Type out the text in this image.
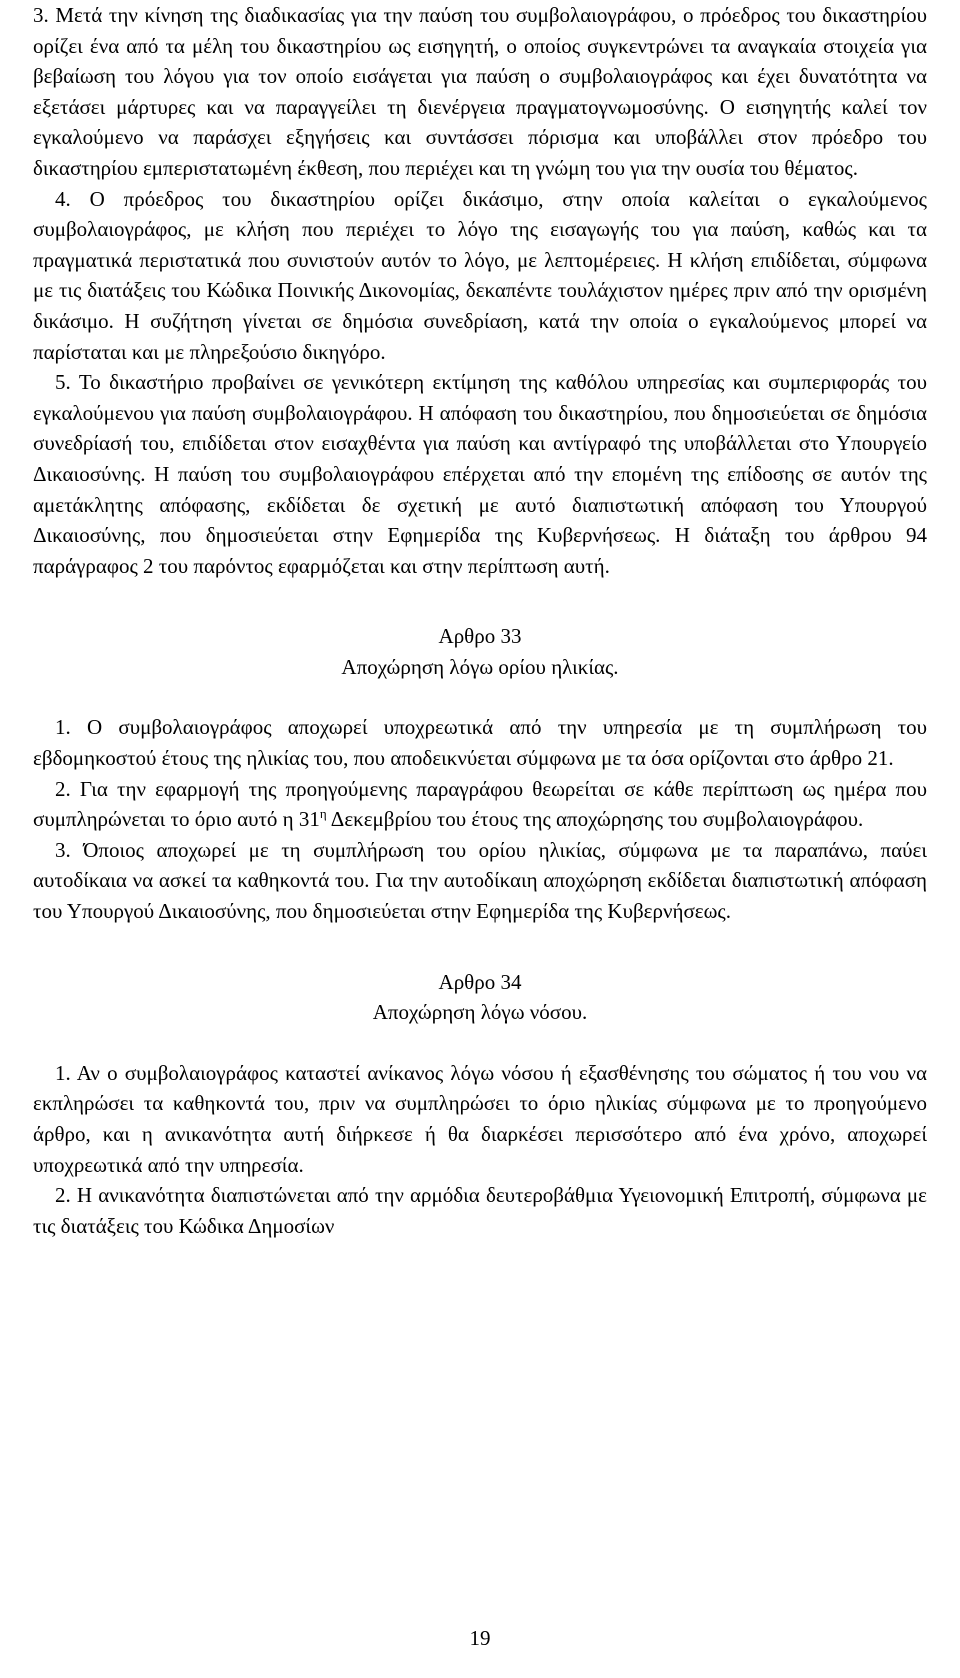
3. Μετά την κίνηση της διαδικασίας για την παύση του συμβολαιογράφου, ο πρόεδρος του δικαστηρίου ορίζει ένα από τα μέλη του δικαστηρίου ως εισηγητή, ο οποίος συγκεντρώνει τα αναγκαία στοιχεία για βεβαίωση του λόγου για τον οποίο εισάγεται για παύση ο συμβολαιογράφος και έχει δυνατότητα να εξετάσει μάρτυρες και να παραγγείλει τη διενέργεια πραγματογνωμοσύνης. Ο εισηγητής καλεί τον εγκαλούμενο να παράσχει εξηγήσεις και συντάσσει πόρισμα και υποβάλλει στον πρόεδρο του δικαστηρίου εμπεριστατωμένη έκθεση, που περιέχει και τη γνώμη του για την ουσία του θέματος.

4. Ο πρόεδρος του δικαστηρίου ορίζει δικάσιμο, στην οποία καλείται ο εγκαλούμενος συμβολαιογράφος, με κλήση που περιέχει το λόγο της εισαγωγής του για παύση, καθώς και τα πραγματικά περιστατικά που συνιστούν αυτόν το λόγο, με λεπτομέρειες. Η κλήση επιδίδεται, σύμφωνα με τις διατάξεις του Κώδικα Ποινικής Δικονομίας, δεκαπέντε τουλάχιστον ημέρες πριν από την ορισμένη δικάσιμο. Η συζήτηση γίνεται σε δημόσια συνεδρίαση, κατά την οποία ο εγκαλούμενος μπορεί να παρίσταται και με πληρεξούσιο δικηγόρο.

5. Το δικαστήριο προβαίνει σε γενικότερη εκτίμηση της καθόλου υπηρεσίας και συμπεριφοράς του εγκαλούμενου για παύση συμβολαιογράφου. Η απόφαση του δικαστηρίου, που δημοσιεύεται σε δημόσια συνεδρίασή του, επιδίδεται στον εισαχθέντα για παύση και αντίγραφό της υποβάλλεται στο Υπουργείο Δικαιοσύνης. Η παύση του συμβολαιογράφου επέρχεται από την επομένη της επίδοσης σε αυτόν της αμετάκλητης απόφασης, εκδίδεται δε σχετική με αυτό διαπιστωτική απόφαση του Υπουργού Δικαιοσύνης, που δημοσιεύεται στην Εφημερίδα της Κυβερνήσεως. Η διάταξη του άρθρου 94 παράγραφος 2 του παρόντος εφαρμόζεται και στην περίπτωση αυτή.

Αρθρο 33

Αποχώρηση λόγω ορίου ηλικίας.

1. Ο συμβολαιογράφος αποχωρεί υποχρεωτικά από την υπηρεσία με τη συμπλήρωση του εβδομηκοστού έτους της ηλικίας του, που αποδεικνύεται σύμφωνα με τα όσα ορίζονται στο άρθρο 21.

2. Για την εφαρμογή της προηγούμενης παραγράφου θεωρείται σε κάθε περίπτωση ως ημέρα που συμπληρώνεται το όριο αυτό η $31^\eta$ Δεκεμβρίου του έτους της αποχώρησης του συμβολαιογράφου.

3. Όποιος αποχωρεί με τη συμπλήρωση του ορίου ηλικίας, σύμφωνα με τα παραπάνω, παύει αυτοδίκαια να ασκεί τα καθηκοντά του. Για την αυτοδίκαιη αποχώρηση εκδίδεται διαπιστωτική απόφαση του Υπουργού Δικαιοσύνης, που δημοσιεύεται στην Εφημερίδα της Κυβερνήσεως.

Αρθρο 34

Αποχώρηση λόγω νόσου.

1. Αν ο συμβολαιογράφος καταστεί ανίκανος λόγω νόσου ή εξασθένησης του σώματος ή του νου να εκπληρώσει τα καθηκοντά του, πριν να συμπληρώσει το όριο ηλικίας σύμφωνα με το προηγούμενο άρθρο, και η ανικανότητα αυτή διήρκεσε ή θα διαρκέσει περισσότερο από ένα χρόνο, αποχωρεί υποχρεωτικά από την υπηρεσία.

2. Η ανικανότητα διαπιστώνεται από την αρμόδια δευτεροβάθμια Υγειονομική Επιτροπή, σύμφωνα με τις διατάξεις του Κώδικα Δημοσίων

19
